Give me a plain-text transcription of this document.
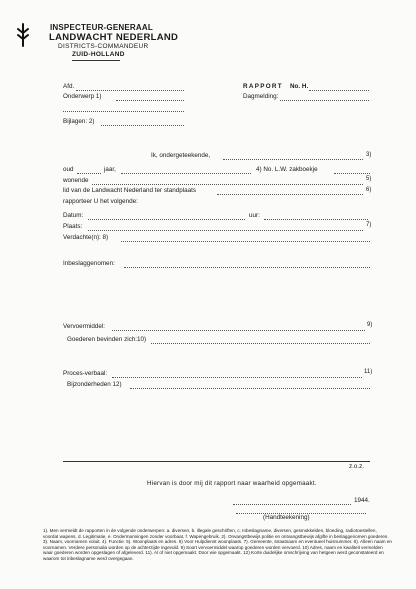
INSPECTEUR-GENERAAL
LANDWACHT NEDERLAND
DISTRICTS-COMMANDEUR
ZUID-HOLLAND
Afd.	RAPPORT No. H.
Onderwerp 1)	Dagmelding:
Bijlagen: 2)
Ik, ondergeteekende,	3)
oud	jaar,	4) No. L.W. zakboekje
wonende	5)
lid van de Landwacht Nederland ter standplaats	6)
rapporteer U het volgende:
Datum:	uur:
Plaats:	7)
Verdachte(n): 8)
Inbeslaggenomen:
Vervoermiddel:	9)
Goederen bevinden zich:10)
Proces-verbaal:	11)
Bijzonderheden 12)
z.o.z.
Hiervan is door mij dit rapport naar waarheid opgemaakt.
1944.
(Handteekening)
1). Men vermeldt de rapporten in de volgende onderwerpen: a. diversen, b. illegale geschriften, c. Inbeslagname, diversen, gesmokkelden, bloeding, radiotoestellen, voordat wapens, d. Legitimatie, e. Ondermanningen zonder voorbaat, f. Wapengebruik. 2). Onvangstbewijs politie en ontvangstbewijs afgifte in beslaggenomen goederen. 3). Naam, voornamen voluit. 4). Functie. 5). Woonplaats en adres. 6) Voor Hulpdienst woonplaats. 7). Gemeente, straatnaam en eventueel huisnummer. 8). Alleen naam en voornamen. Verdere personalia worden op de achterzijde ingevuld. 9) Soort vervoermiddel waarop goederen worden vervoerd. 10) Adres, naam en kwaliteit vermelden waar goederen worden opgeslagen of afgeleverd. 11). Al of niet opgemaakt. Door wie opgemaakt. 12) Korte duidelijke omschrijving van hetgeen werd geconstateerd en waarom tot inbeslagname werd overgegaan.
